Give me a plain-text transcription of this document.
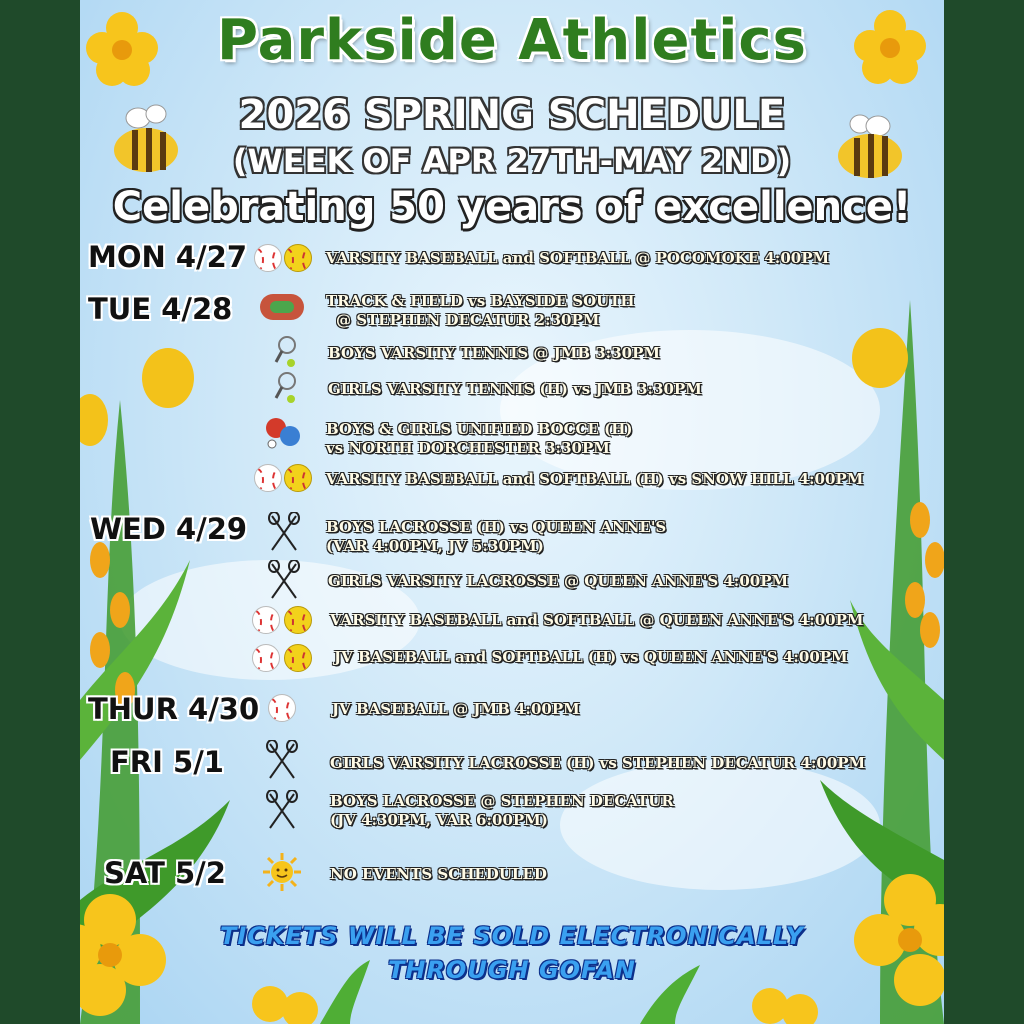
Parkside Athletics
2026 SPRING SCHEDULE
(WEEK OF APR 27TH-MAY 2ND)
Celebrating 50 years of excellence!
MON 4/27
TUE 4/28
WED 4/29
THUR 4/30
FRI 5/1
SAT 5/2
VARSITY BASEBALL and SOFTBALL @ POCOMOKE 4:00PM
TRACK & FIELD vs BAYSIDE SOUTH
@ STEPHEN DECATUR 2:30PM
BOYS VARSITY TENNIS @ JMB 3:30PM
GIRLS VARSITY TENNIS (H) vs JMB 3:30PM
BOYS & GIRLS UNIFIED BOCCE (H)
vs NORTH DORCHESTER 3:30PM
VARSITY BASEBALL and SOFTBALL (H) vs SNOW HILL 4:00PM
BOYS LACROSSE (H) vs QUEEN ANNE'S
(VAR 4:00PM, JV 5:30PM)
GIRLS VARSITY LACROSSE @ QUEEN ANNE'S 4:00PM
VARSITY BASEBALL and SOFTBALL @ QUEEN ANNE'S 4:00PM
JV BASEBALL and SOFTBALL (H) vs QUEEN ANNE'S 4:00PM
JV BASEBALL @ JMB 4:00PM
GIRLS VARSITY LACROSSE (H) vs STEPHEN DECATUR 4:00PM
BOYS LACROSSE @ STEPHEN DECATUR
(JV 4:30PM, VAR 6:00PM)
NO EVENTS SCHEDULED
TICKETS WILL BE SOLD ELECTRONICALLY
THROUGH GOFAN
